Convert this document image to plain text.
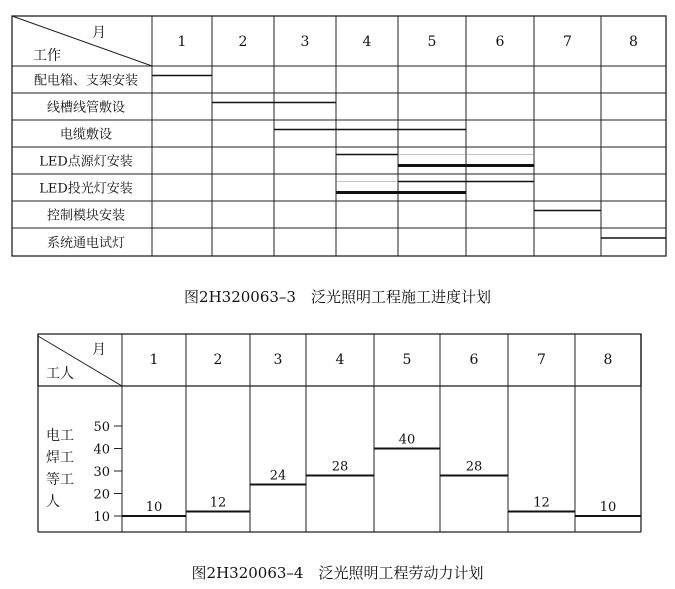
月
工作
1	2	3	4	5	6	7	8
配电箱、支架安装
线槽线管敷设
电缆敷设
LED点源灯安装
LED投光灯安装
控制模块安装
系统通电试灯
图2H320063–3　泛光照明工程施工进度计划
月
工人
1	2	3	4	5	6	7	8
电工
焊工
等工
人
10
20
30
40
50
10	12
24
28
40
28
12	10
图2H320063–4　泛光照明工程劳动力计划
